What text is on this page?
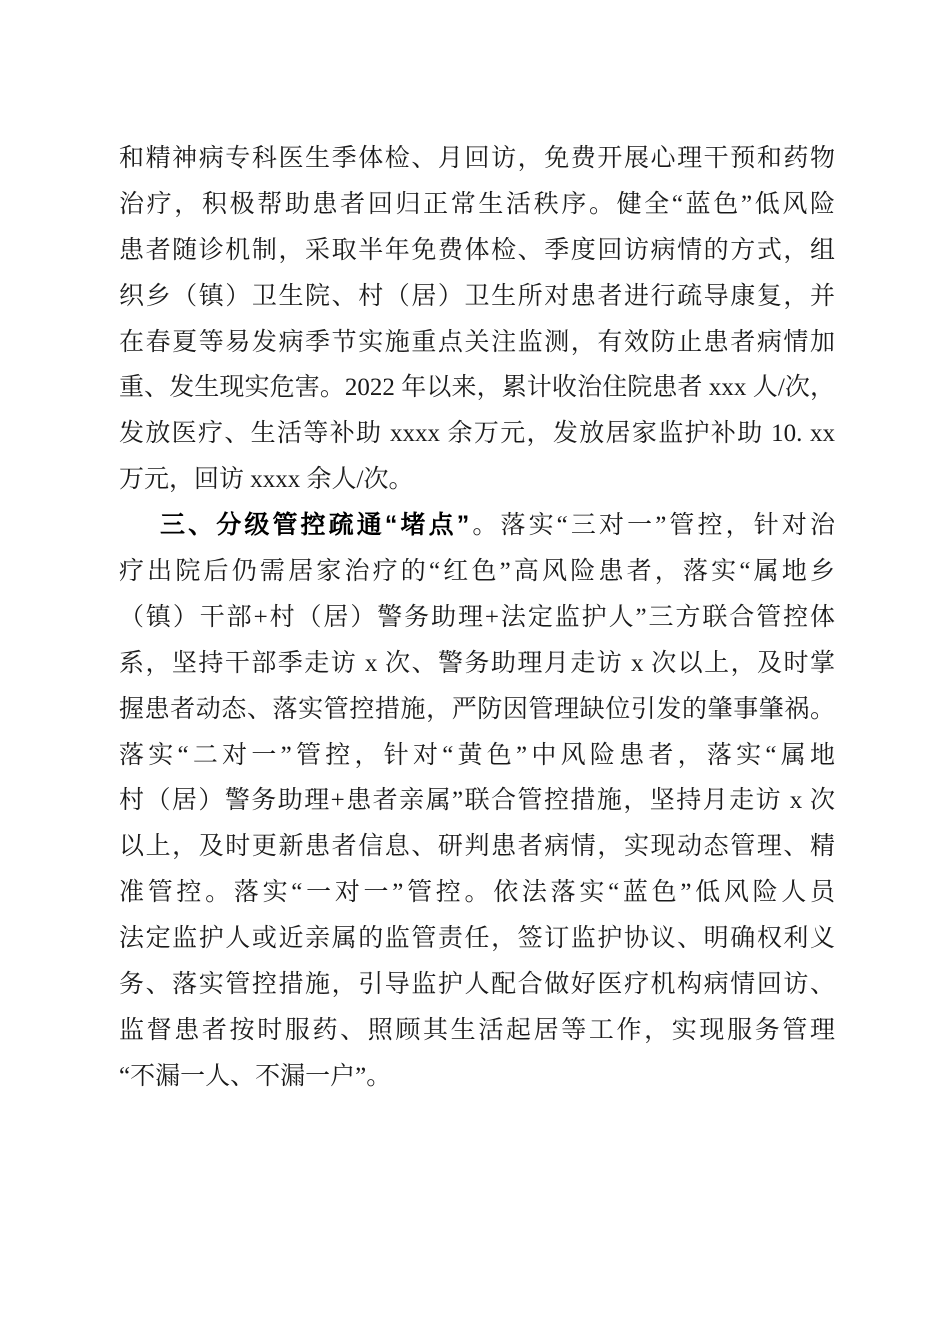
和精神病专科医生季体检、月回访，免费开展心理干预和药物
治疗，积极帮助患者回归正常生活秩序。健全“蓝色”低风险
患者随诊机制，采取半年免费体检、季度回访病情的方式，组
织乡（镇）卫生院、村（居）卫生所对患者进行疏导康复，并
在春夏等易发病季节实施重点关注监测，有效防止患者病情加
重、发生现实危害。2022 年以来，累计收治住院患者 xxx 人/次，
发放医疗、生活等补助 xxxx 余万元，发放居家监护补助 10. xx
万元，回访 xxxx 余人/次。
三、分级管控疏通“堵点”。落实“三对一”管控，针对治
疗出院后仍需居家治疗的“红色”高风险患者，落实“属地乡
（镇）干部+村（居）警务助理+法定监护人”三方联合管控体
系，坚持干部季走访 x 次、警务助理月走访 x 次以上，及时掌
握患者动态、落实管控措施，严防因管理缺位引发的肇事肇祸。
落实“二对一”管控，针对“黄色”中风险患者，落实“属地
村（居）警务助理+患者亲属”联合管控措施，坚持月走访 x 次
以上，及时更新患者信息、研判患者病情，实现动态管理、精
准管控。落实“一对一”管控。依法落实“蓝色”低风险人员
法定监护人或近亲属的监管责任，签订监护协议、明确权利义
务、落实管控措施，引导监护人配合做好医疗机构病情回访、
监督患者按时服药、照顾其生活起居等工作，实现服务管理
“不漏一人、不漏一户”。
